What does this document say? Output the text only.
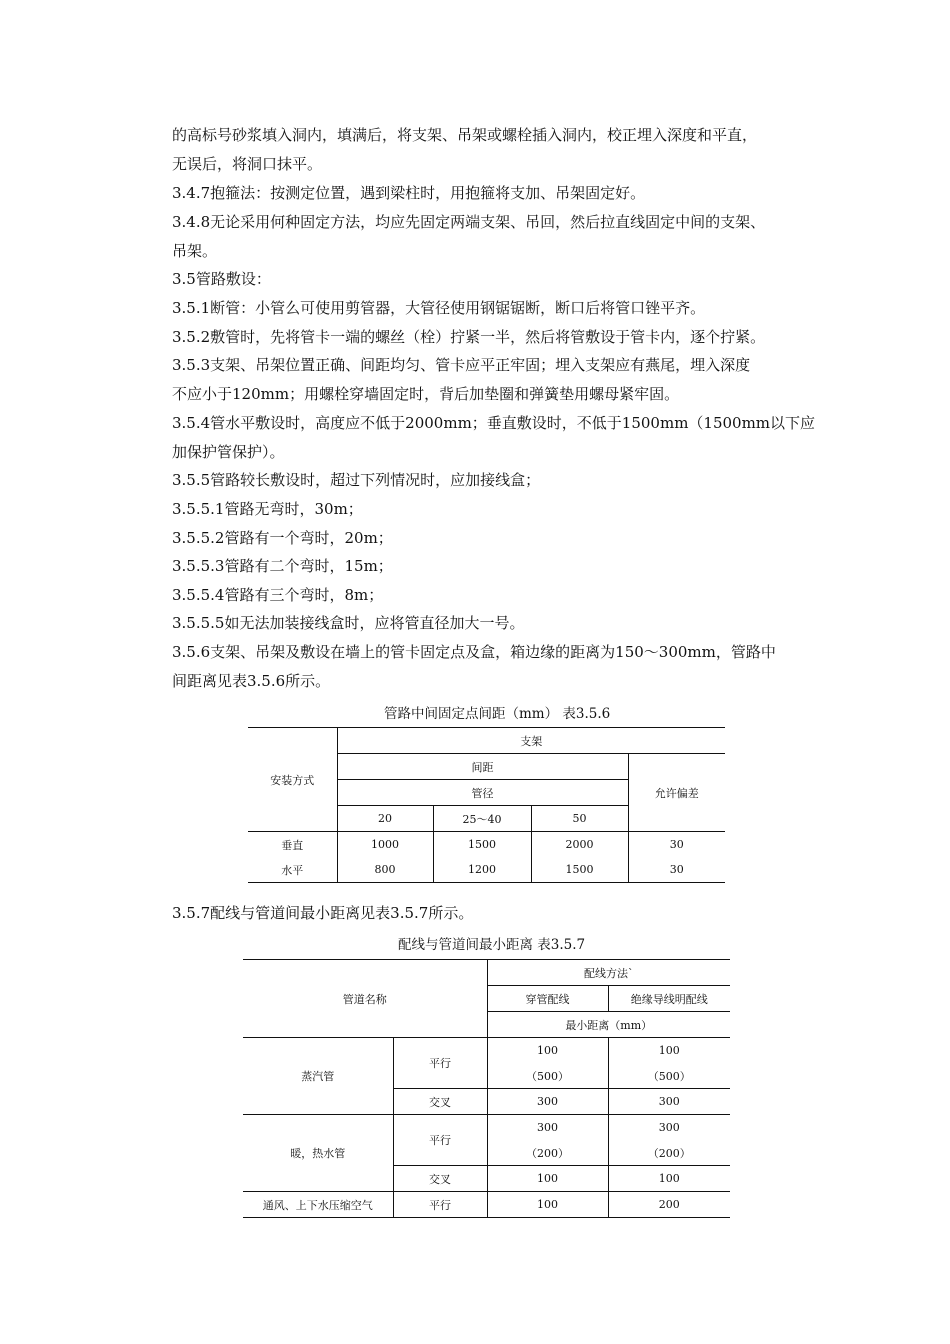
的高标号砂浆填入洞内，填满后，将支架、吊架或螺栓插入洞内，校正埋入深度和平直，
无误后，将洞口抹平。
3.4.7抱箍法：按测定位置，遇到梁柱时，用抱箍将支加、吊架固定好。
3.4.8无论采用何种固定方法，均应先固定两端支架、吊回，然后拉直线固定中间的支架、
吊架。
3.5管路敷设：
3.5.1断管：小管么可使用剪管器，大管径使用钢锯锯断，断口后将管口锉平齐。
3.5.2敷管时，先将管卡一端的螺丝（栓）拧紧一半，然后将管敷设于管卡内，逐个拧紧。
3.5.3支架、吊架位置正确、间距均匀、管卡应平正牢固；埋入支架应有燕尾，埋入深度
不应小于120mm；用螺栓穿墙固定时，背后加垫圈和弹簧垫用螺母紧牢固。
3.5.4管水平敷设时，高度应不低于2000mm；垂直敷设时，不低于1500mm（1500mm以下应
加保护管保护）。
3.5.5管路较长敷设时，超过下列情况时，应加接线盒；
3.5.5.1管路无弯时，30m；
3.5.5.2管路有一个弯时，20m；
3.5.5.3管路有二个弯时，15m；
3.5.5.4管路有三个弯时，8m；
3.5.5.5如无法加装接线盒时，应将管直径加大一号。
3.5.6支架、吊架及敷设在墙上的管卡固定点及盒，箱边缘的距离为150～300mm，管路中
间距离见表3.5.6所示。
管路中间固定点间距（mm） 表3.5.6
安装方式	支架			
	间距			允许偏差
	管径			
	20	25～40	50	
垂直	1000	1500	2000	30
水平	800	1200	1500	30
3.5.7配线与管道间最小距离见表3.5.7所示。
配线与管道间最小距离 表3.5.7
管道名称		配线方法`	
		穿管配线	绝缘导线明配线
		最小距离（mm）	
蒸汽管	平行	100	100
		（500）	（500）
	交叉	300	300
暖，热水管	平行	300	300
		（200）	（200）
	交叉	100	100
通风、上下水压缩空气	平行	100	200
